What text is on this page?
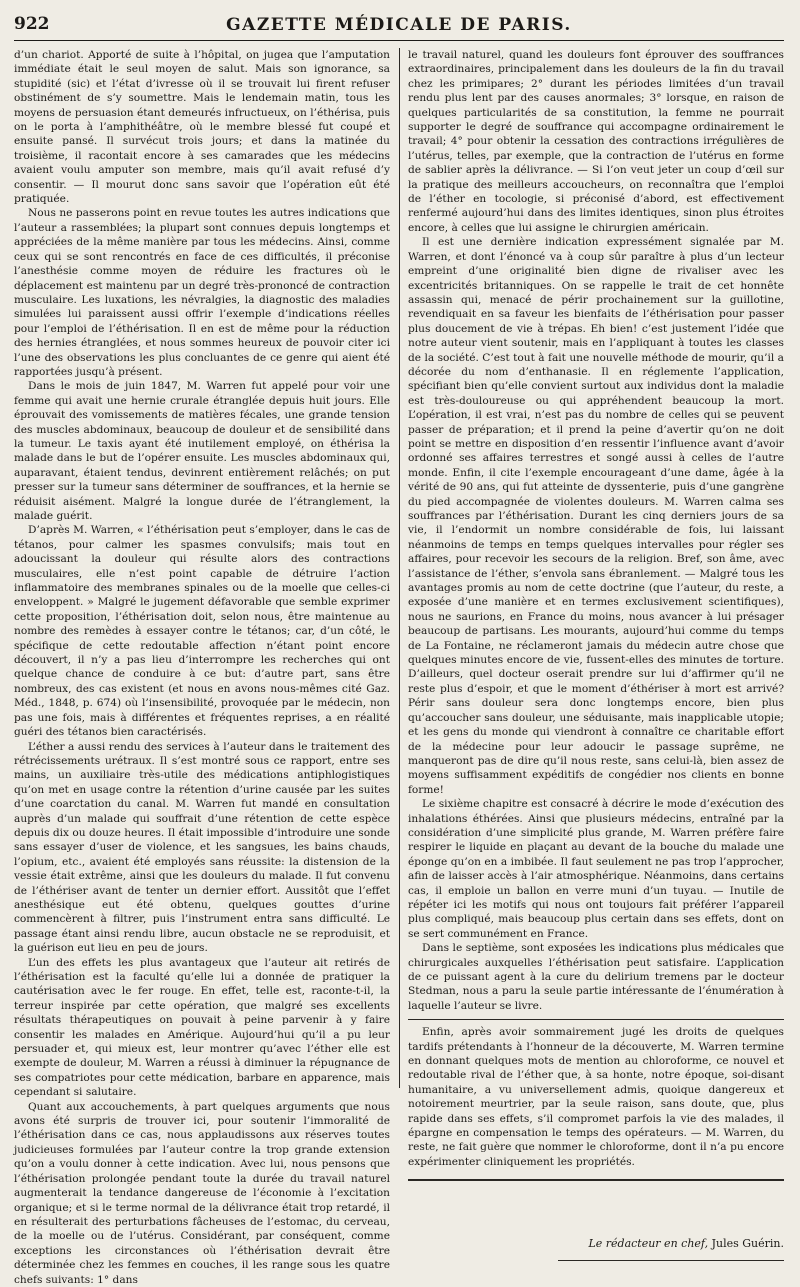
922	GAZETTE MÉDICALE DE PARIS.

d’un chariot. Apporté de suite à l’hôpital, on jugea que l’amputation immédiate était le seul moyen de salut. Mais son ignorance, sa stupidité (sic) et l’état d’ivresse où il se trouvait lui firent refuser obstinément de s’y soumettre. Mais le lendemain matin, tous les moyens de persuasion étant demeurés infructueux, on l’éthérisa, puis on le porta à l’amphithéâtre, où le membre blessé fut coupé et ensuite pansé. Il survécut trois jours; et dans la matinée du troisième, il racontait encore à ses camarades que les médecins avaient voulu amputer son membre, mais qu’il avait refusé d’y consentir. — Il mourut donc sans savoir que l’opération eût été pratiquée.

Nous ne passerons point en revue toutes les autres indications que l’auteur a rassemblées; la plupart sont connues depuis longtemps et appréciées de la même manière par tous les médecins. Ainsi, comme ceux qui se sont rencontrés en face de ces difficultés, il préconise l’anesthésie comme moyen de réduire les fractures où le déplacement est maintenu par un degré très-prononcé de contraction musculaire. Les luxations, les névralgies, la diagnostic des maladies simulées lui paraissent aussi offrir l’exemple d’indications réelles pour l’emploi de l’éthérisation. Il en est de même pour la réduction des hernies étranglées, et nous sommes heureux de pouvoir citer ici l’une des observations les plus concluantes de ce genre qui aient été rapportées jusqu’à présent.

Dans le mois de juin 1847, M. Warren fut appelé pour voir une femme qui avait une hernie crurale étranglée depuis huit jours. Elle éprouvait des vomissements de matières fécales, une grande tension des muscles abdominaux, beaucoup de douleur et de sensibilité dans la tumeur. Le taxis ayant été inutilement employé, on éthérisa la malade dans le but de l’opérer ensuite. Les muscles abdominaux qui, auparavant, étaient tendus, devinrent entièrement relâchés; on put presser sur la tumeur sans déterminer de souffrances, et la hernie se réduisit aisément. Malgré la longue durée de l’étranglement, la malade guérit.

D’après M. Warren, « l’éthérisation peut s’employer, dans le cas de tétanos, pour calmer les spasmes convulsifs; mais tout en adoucissant la douleur qui résulte alors des contractions musculaires, elle n’est point capable de détruire l’action inflammatoire des membranes spinales ou de la moelle que celles-ci enveloppent. » Malgré le jugement défavorable que semble exprimer cette proposition, l’éthérisation doit, selon nous, être maintenue au nombre des remèdes à essayer contre le tétanos; car, d’un côté, le spécifique de cette redoutable affection n’étant point encore découvert, il n’y a pas lieu d’interrompre les recherches qui ont quelque chance de conduire à ce but: d’autre part, sans être nombreux, des cas existent (et nous en avons nous-mêmes cité Gaz. Méd., 1848, p. 674) où l’insensibilité, provoquée par le médecin, non pas une fois, mais à différentes et fréquentes reprises, a en réalité guéri des tétanos bien caractérisés.

L’éther a aussi rendu des services à l’auteur dans le traitement des rétrécissements urétraux. Il s’est montré sous ce rapport, entre ses mains, un auxiliaire très-utile des médications antiphlogistiques qu’on met en usage contre la rétention d’urine causée par les suites d’une coarctation du canal. M. Warren fut mandé en consultation auprès d’un malade qui souffrait d’une rétention de cette espèce depuis dix ou douze heures. Il était impossible d’introduire une sonde sans essayer d’user de violence, et les sangsues, les bains chauds, l’opium, etc., avaient été employés sans réussite: la distension de la vessie était extrême, ainsi que les douleurs du malade. Il fut convenu de l’éthériser avant de tenter un dernier effort. Aussitôt que l’effet anesthésique eut été obtenu, quelques gouttes d’urine commencèrent à filtrer, puis l’instrument entra sans difficulté. Le passage étant ainsi rendu libre, aucun obstacle ne se reproduisit, et la guérison eut lieu en peu de jours.

L’un des effets les plus avantageux que l’auteur ait retirés de l’éthérisation est la faculté qu’elle lui a donnée de pratiquer la cautérisation avec le fer rouge. En effet, telle est, raconte-t-il, la terreur inspirée par cette opération, que malgré ses excellents résultats thérapeutiques on pouvait à peine parvenir à y faire consentir les malades en Amérique. Aujourd’hui qu’il a pu leur persuader et, qui mieux est, leur montrer qu’avec l’éther elle est exempte de douleur, M. Warren a réussi à diminuer la répugnance de ses compatriotes pour cette médication, barbare en apparence, mais cependant si salutaire.

Quant aux accouchements, à part quelques arguments que nous avons été surpris de trouver ici, pour soutenir l’immoralité de l’éthérisation dans ce cas, nous applaudissons aux réserves toutes judicieuses formulées par l’auteur contre la trop grande extension qu’on a voulu donner à cette indication. Avec lui, nous pensons que l’éthérisation prolongée pendant toute la durée du travail naturel augmenterait la tendance dangereuse de l’économie à l’excitation organique; et si le terme normal de la délivrance était trop retardé, il en résulterait des perturbations fâcheuses de l’estomac, du cerveau, de la moelle ou de l’utérus. Considérant, par conséquent, comme exceptions les circonstances où l’éthérisation devrait être déterminée chez les femmes en couches, il les range sous les quatre chefs suivants: 1° dans

le travail naturel, quand les douleurs font éprouver des souffrances extraordinaires, principalement dans les douleurs de la fin du travail chez les primipares; 2° durant les périodes limitées d’un travail rendu plus lent par des causes anormales; 3° lorsque, en raison de quelques particularités de sa constitution, la femme ne pourrait supporter le degré de souffrance qui accompagne ordinairement le travail; 4° pour obtenir la cessation des contractions irrégulières de l’utérus, telles, par exemple, que la contraction de l’utérus en forme de sablier après la délivrance. — Si l’on veut jeter un coup d’œil sur la pratique des meilleurs accoucheurs, on reconnaîtra que l’emploi de l’éther en tocologie, si préconisé d’abord, est effectivement renfermé aujourd’hui dans des limites identiques, sinon plus étroites encore, à celles que lui assigne le chirurgien américain.

Il est une dernière indication expressément signalée par M. Warren, et dont l’énoncé va à coup sûr paraître à plus d’un lecteur empreint d’une originalité bien digne de rivaliser avec les excentricités britanniques. On se rappelle le trait de cet honnête assassin qui, menacé de périr prochainement sur la guillotine, revendiquait en sa faveur les bienfaits de l’éthérisation pour passer plus doucement de vie à trépas. Eh bien! c’est justement l’idée que notre auteur vient soutenir, mais en l’appliquant à toutes les classes de la société. C’est tout à fait une nouvelle méthode de mourir, qu’il a décorée du nom d’enthanasie. Il en réglemente l’application, spécifiant bien qu’elle convient surtout aux individus dont la maladie est très-douloureuse ou qui appréhendent beaucoup la mort. L’opération, il est vrai, n’est pas du nombre de celles qui se peuvent passer de préparation; et il prend la peine d’avertir qu’on ne doit point se mettre en disposition d’en ressentir l’influence avant d’avoir ordonné ses affaires terrestres et songé aussi à celles de l’autre monde. Enfin, il cite l’exemple encourageant d’une dame, âgée à la vérité de 90 ans, qui fut atteinte de dyssenterie, puis d’une gangrène du pied accompagnée de violentes douleurs. M. Warren calma ses souffrances par l’éthérisation. Durant les cinq derniers jours de sa vie, il l’endormit un nombre considérable de fois, lui laissant néanmoins de temps en temps quelques intervalles pour régler ses affaires, pour recevoir les secours de la religion. Bref, son âme, avec l’assistance de l’éther, s’envola sans ébranlement. — Malgré tous les avantages promis au nom de cette doctrine (que l’auteur, du reste, a exposée d’une manière et en termes exclusivement scientifiques), nous ne saurions, en France du moins, nous avancer à lui présager beaucoup de partisans. Les mourants, aujourd’hui comme du temps de La Fontaine, ne réclameront jamais du médecin autre chose que quelques minutes encore de vie, fussent-elles des minutes de torture. D’ailleurs, quel docteur oserait prendre sur lui d’affirmer qu’il ne reste plus d’espoir, et que le moment d’éthériser à mort est arrivé? Périr sans douleur sera donc longtemps encore, bien plus qu’accoucher sans douleur, une séduisante, mais inapplicable utopie; et les gens du monde qui viendront à connaître ce charitable effort de la médecine pour leur adoucir le passage suprême, ne manqueront pas de dire qu’il nous reste, sans celui-là, bien assez de moyens suffisamment expéditifs de congédier nos clients en bonne forme!

Le sixième chapitre est consacré à décrire le mode d’exécution des inhalations éthérées. Ainsi que plusieurs médecins, entraîné par la considération d’une simplicité plus grande, M. Warren préfère faire respirer le liquide en plaçant au devant de la bouche du malade une éponge qu’on en a imbibée. Il faut seulement ne pas trop l’approcher, afin de laisser accès à l’air atmosphérique. Néanmoins, dans certains cas, il emploie un ballon en verre muni d’un tuyau. — Inutile de répéter ici les motifs qui nous ont toujours fait préférer l’appareil plus compliqué, mais beaucoup plus certain dans ses effets, dont on se sert communément en France.

Dans le septième, sont exposées les indications plus médicales que chirurgicales auxquelles l’éthérisation peut satisfaire. L’application de ce puissant agent à la cure du delirium tremens par le docteur Stedman, nous a paru la seule partie intéressante de l’énumération à laquelle l’auteur se livre.

Enfin, après avoir sommairement jugé les droits de quelques tardifs prétendants à l’honneur de la découverte, M. Warren termine en donnant quelques mots de mention au chloroforme, ce nouvel et redoutable rival de l’éther que, à sa honte, notre époque, soi-disant humanitaire, a vu universellement admis, quoique dangereux et notoirement meurtrier, par la seule raison, sans doute, que, plus rapide dans ses effets, s’il compromet parfois la vie des malades, il épargne en compensation le temps des opérateurs. — M. Warren, du reste, ne fait guère que nommer le chloroforme, dont il n’a pu encore expérimenter cliniquement les propriétés.

Le rédacteur en chef, Jules Guérin.
